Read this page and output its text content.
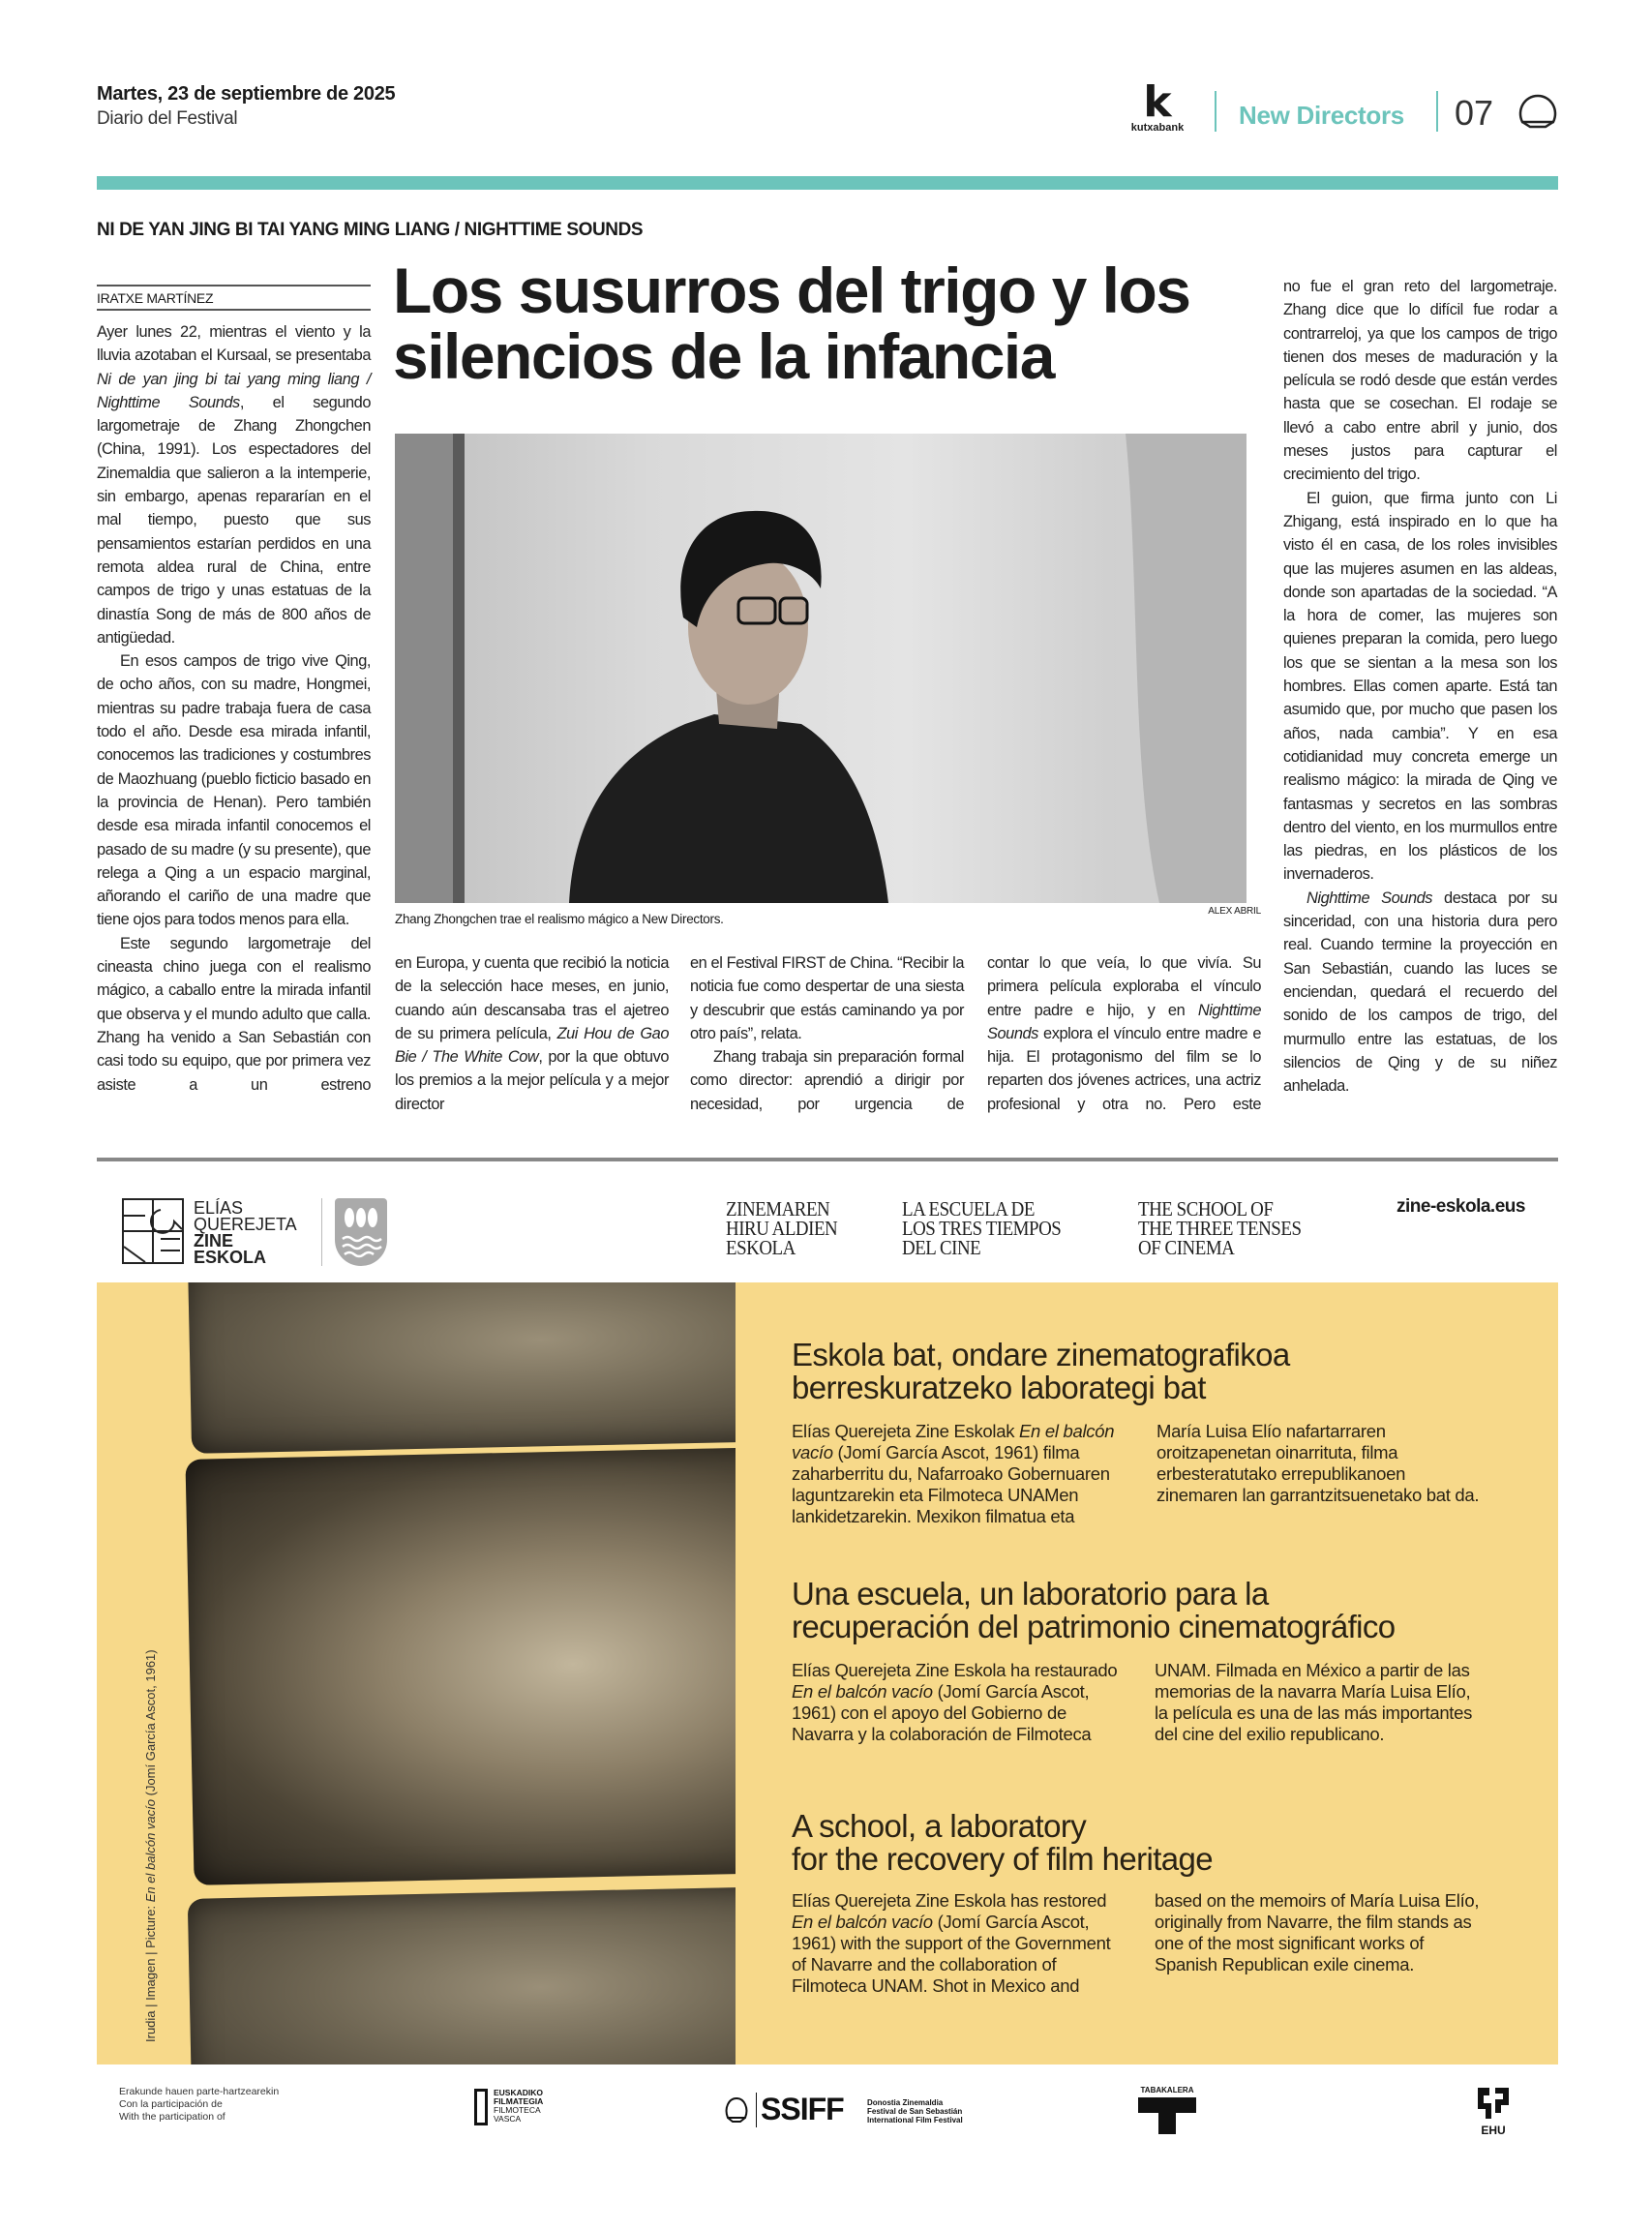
Martes, 23 de septiembre de 2025
Diario del Festival	k
kutxabank New Directors 07
NI DE YAN JING BI TAI YANG MING LIANG / NIGHTTIME SOUNDS
IRATXE MARTÍNEZ	Los susurros del trigo y los silencios de la infancia

Ayer lunes 22, mientras el viento y la lluvia azotaban el Kursaal, se presentaba Ni de yan jing bi tai yang ming liang / Nighttime Sounds, el segundo largometraje de Zhang Zhongchen (China, 1991). Los espectadores del Zinemaldia que salieron a la intemperie, sin embargo, apenas repararían en el mal tiempo, puesto que sus pensamientos estarían perdidos en una remota aldea rural de China, entre campos de trigo y unas estatuas de la dinastía Song de más de 800 años de antigüedad.

En esos campos de trigo vive Qing, de ocho años, con su madre, Hongmei, mientras su padre trabaja fuera de casa todo el año. Desde esa mirada infantil, conocemos las tradiciones y costumbres de Maozhuang (pueblo ficticio basado en la provincia de Henan). Pero también desde esa mirada infantil conocemos el pasado de su madre (y su presente), que relega a Qing a un espacio marginal, añorando el cariño de una madre que tiene ojos para todos menos para ella.

Este segundo largometraje del cineasta chino juega con el realismo mágico, a caballo entre la mirada infantil que observa y el mundo adulto que calla. Zhang ha venido a San Sebastián con casi todo su equipo, que por primera vez asiste a un estreno

en Europa, y cuenta que recibió la noticia de la selección hace meses, en junio, cuando aún descansaba tras el ajetreo de su primera película, Zui Hou de Gao Bie / The White Cow, por la que obtuvo los premios a la mejor película y a mejor director

en el Festival FIRST de China. “Recibir la noticia fue como despertar de una siesta y descubrir que estás caminando ya por otro país”, relata.

Zhang trabaja sin preparación formal como director: aprendió a dirigir por necesidad, por urgencia de

contar lo que veía, lo que vivía. Su primera película exploraba el vínculo entre padre e hijo, y en Nighttime Sounds explora el vínculo entre madre e hija. El protagonismo del film se lo reparten dos jóvenes actrices, una actriz profesional y otra no. Pero este

no fue el gran reto del largometraje. Zhang dice que lo difícil fue rodar a contrarreloj, ya que los campos de trigo tienen dos meses de maduración y la película se rodó desde que están verdes hasta que se cosechan. El rodaje se llevó a cabo entre abril y junio, dos meses justos para capturar el crecimiento del trigo.

El guion, que firma junto con Li Zhigang, está inspirado en lo que ha visto él en casa, de los roles invisibles que las mujeres asumen en las aldeas, donde son apartadas de la sociedad. “A la hora de comer, las mujeres son quienes preparan la comida, pero luego los que se sientan a la mesa son los hombres. Ellas comen aparte. Está tan asumido que, por mucho que pasen los años, nada cambia”. Y en esa cotidianidad muy concreta emerge un realismo mágico: la mirada de Qing ve fantasmas y secretos en las sombras dentro del viento, en los murmullos entre las piedras, en los plásticos de los invernaderos.

Nighttime Sounds destaca por su sinceridad, con una historia dura pero real. Cuando termine la proyección en San Sebastián, cuando las luces se enciendan, quedará el recuerdo del sonido de los campos de trigo, del murmullo entre las estatuas, de los silencios de Qing y de su niñez anhelada.

Zhang Zhongchen trae el realismo mágico a New Directors.
ALEX ABRIL
ELÍAS
QUEREJETA
ZINE
ESKOLA
ZINEMAREN
HIRU ALDIEN
ESKOLA
LA ESCUELA DE
LOS TRES TIEMPOS
DEL CINE
THE SCHOOL OF
THE THREE TENSES
OF CINEMA
zine-eskola.eus
Irudia | Imagen | Picture: En el balcón vacío (Jomí García Ascot, 1961)
Eskola bat, ondare zinematografikoa
berreskuratzeko laborategi bat
Elías Querejeta Zine Eskolak En el balcón vacío (Jomí García Ascot, 1961) filma zaharberritu du, Nafarroako Gobernuaren laguntzarekin eta Filmoteca UNAMen lankidetzarekin. Mexikon filmatua eta
María Luisa Elío nafartarraren oroitzapenetan oinarrituta, filma erbesteratutako errepublikanoen zinemaren lan garrantzitsuenetako bat da.
Una escuela, un laboratorio para la
recuperación del patrimonio cinematográfico
Elías Querejeta Zine Eskola ha restaurado En el balcón vacío (Jomí García Ascot, 1961) con el apoyo del Gobierno de Navarra y la colaboración de Filmoteca
UNAM. Filmada en México a partir de las memorias de la navarra María Luisa Elío, la película es una de las más importantes del cine del exilio republicano.
A school, a laboratory
for the recovery of film heritage
Elías Querejeta Zine Eskola has restored En el balcón vacío (Jomí García Ascot, 1961) with the support of the Government of Navarre and the collaboration of Filmoteca UNAM. Shot in Mexico and
based on the memoirs of María Luisa Elío, originally from Navarre, the film stands as one of the most significant works of Spanish Republican exile cinema.
Erakunde hauen parte-hartzearekin
Con la participación de
With the participation of
EUSKADIKO
FILMATEGIA
FILMOTECA
VASCA	SSIFF	Donostia Zinemaldia
Festival de San Sebastián
International Film Festival
TABAKALERA
EHU
